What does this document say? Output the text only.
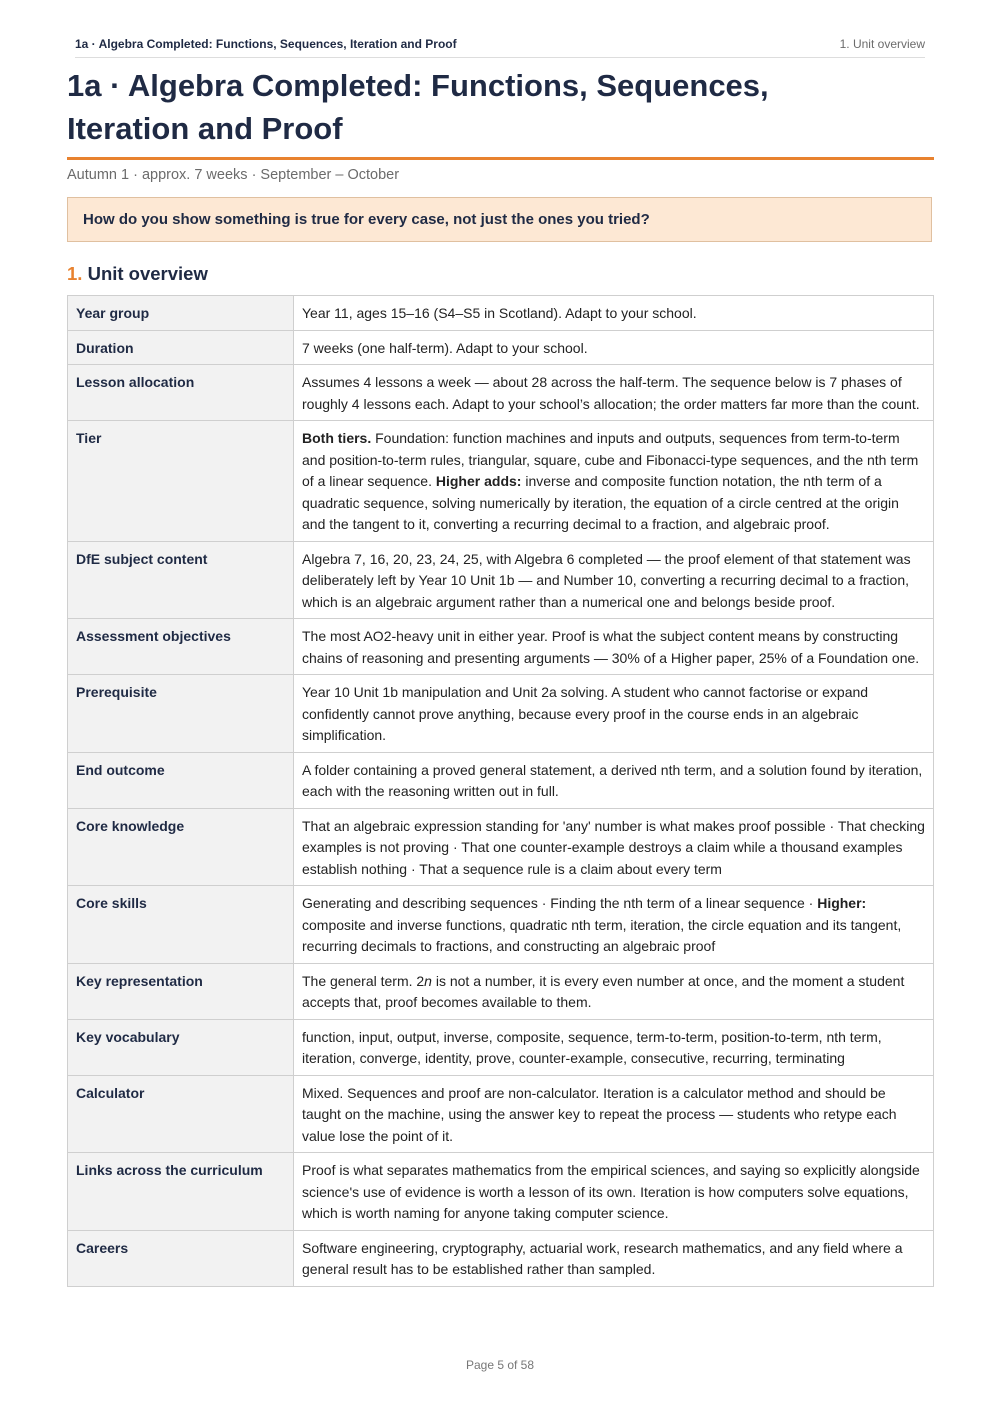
1a · Algebra Completed: Functions, Sequences, Iteration and Proof	1. Unit overview
1a · Algebra Completed: Functions, Sequences, Iteration and Proof
Autumn 1 · approx. 7 weeks · September – October
How do you show something is true for every case, not just the ones you tried?
1. Unit overview
Year group	Year 11, ages 15–16 (S4–S5 in Scotland). Adapt to your school.
Duration	7 weeks (one half-term). Adapt to your school.
Lesson allocation	Assumes 4 lessons a week — about 28 across the half-term. The sequence below is 7 phases of roughly 4 lessons each. Adapt to your school’s allocation; the order matters far more than the count.
Tier	Both tiers. Foundation: function machines and inputs and outputs, sequences from term-to-term and position-to-term rules, triangular, square, cube and Fibonacci-type sequences, and the nth term of a linear sequence. Higher adds: inverse and composite function notation, the nth term of a quadratic sequence, solving numerically by iteration, the equation of a circle centred at the origin and the tangent to it, converting a recurring decimal to a fraction, and algebraic proof.
DfE subject content	Algebra 7, 16, 20, 23, 24, 25, with Algebra 6 completed — the proof element of that statement was deliberately left by Year 10 Unit 1b — and Number 10, converting a recurring decimal to a fraction, which is an algebraic argument rather than a numerical one and belongs beside proof.
Assessment objectives	The most AO2-heavy unit in either year. Proof is what the subject content means by constructing chains of reasoning and presenting arguments — 30% of a Higher paper, 25% of a Foundation one.
Prerequisite	Year 10 Unit 1b manipulation and Unit 2a solving. A student who cannot factorise or expand confidently cannot prove anything, because every proof in the course ends in an algebraic simplification.
End outcome	A folder containing a proved general statement, a derived nth term, and a solution found by iteration, each with the reasoning written out in full.
Core knowledge	That an algebraic expression standing for 'any' number is what makes proof possible · That checking examples is not proving · That one counter-example destroys a claim while a thousand examples establish nothing · That a sequence rule is a claim about every term
Core skills	Generating and describing sequences · Finding the nth term of a linear sequence · Higher: composite and inverse functions, quadratic nth term, iteration, the circle equation and its tangent, recurring decimals to fractions, and constructing an algebraic proof
Key representation	The general term. 2n is not a number, it is every even number at once, and the moment a student accepts that, proof becomes available to them.
Key vocabulary	function, input, output, inverse, composite, sequence, term-to-term, position-to-term, nth term, iteration, converge, identity, prove, counter-example, consecutive, recurring, terminating
Calculator	Mixed. Sequences and proof are non-calculator. Iteration is a calculator method and should be taught on the machine, using the answer key to repeat the process — students who retype each value lose the point of it.
Links across the curriculum	Proof is what separates mathematics from the empirical sciences, and saying so explicitly alongside science's use of evidence is worth a lesson of its own. Iteration is how computers solve equations, which is worth naming for anyone taking computer science.
Careers	Software engineering, cryptography, actuarial work, research mathematics, and any field where a general result has to be established rather than sampled.
Page 5 of 58
